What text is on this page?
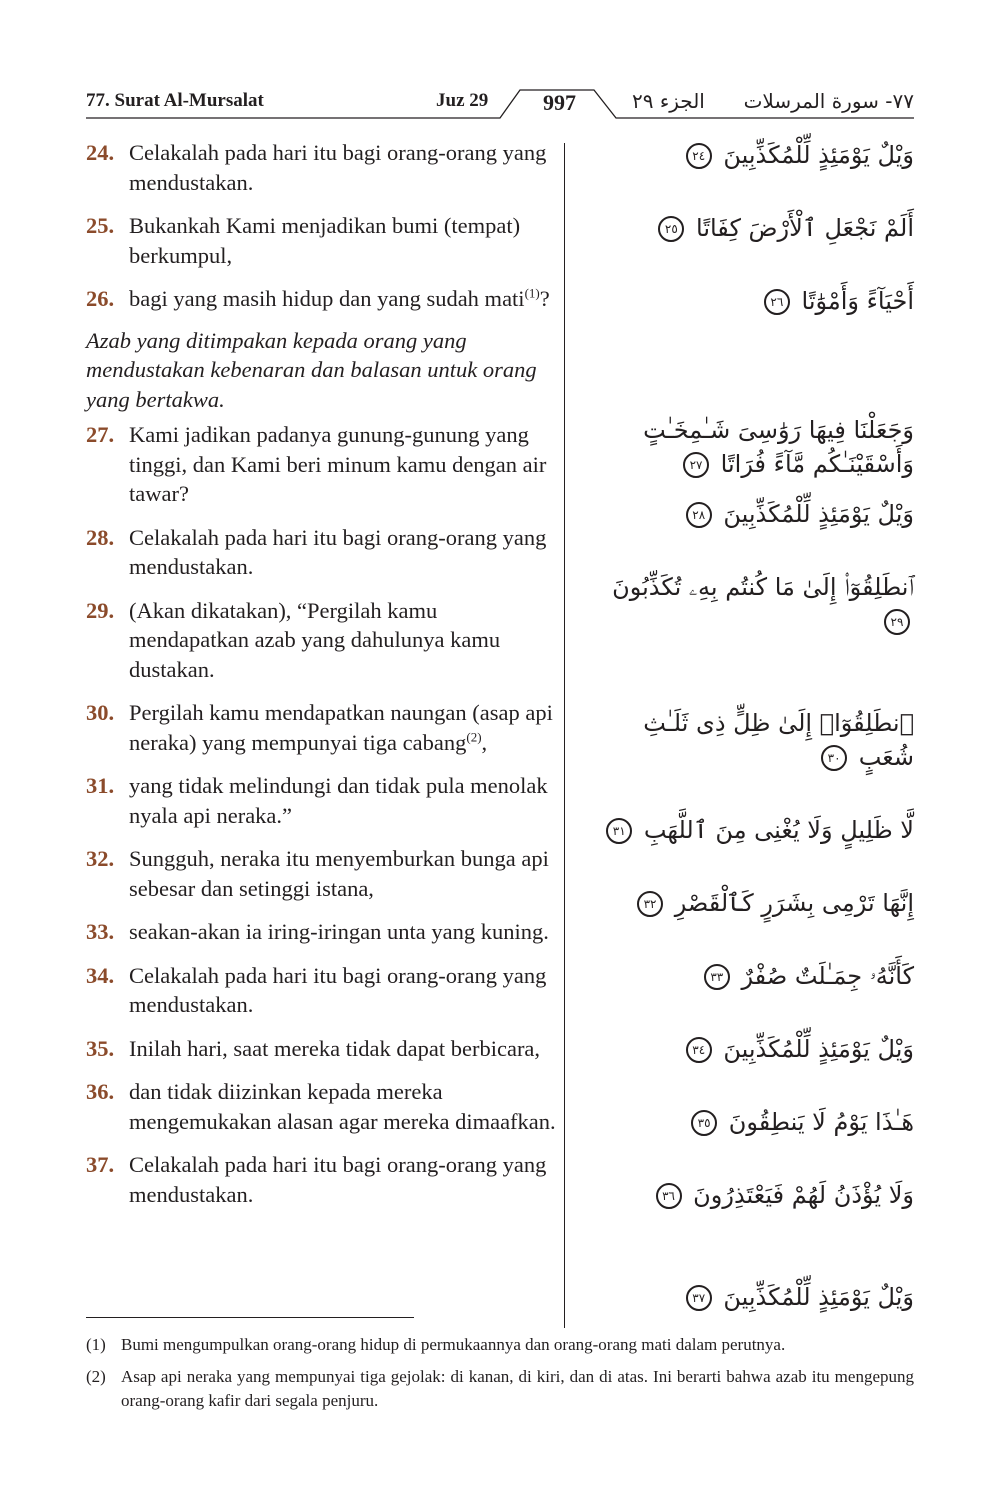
77. Surat Al-Mursalat	Juz 29 997	الجزء ٢٩ ٧٧- سورة المرسلات
24. Celakalah pada hari itu bagi orang-orang yang mendustakan.
25. Bukankah Kami menjadikan bumi (tempat) berkumpul,
26. bagi yang masih hidup dan yang sudah mati$^{(1)}$?
Azab yang ditimpakan kepada orang yang mendustakan kebenaran dan balasan untuk orang yang bertakwa.
27. Kami jadikan padanya gunung-gunung yang tinggi, dan Kami beri minum kamu dengan air tawar?
28. Celakalah pada hari itu bagi orang-orang yang mendustakan.
29. (Akan dikatakan), “Pergilah kamu mendapatkan azab yang dahulunya kamu dustakan.
30. Pergilah kamu mendapatkan naungan (asap api neraka) yang mempunyai tiga cabang$^{(2)}$,
31. yang tidak melindungi dan tidak pula menolak nyala api neraka.”
32. Sungguh, neraka itu menyemburkan bunga api sebesar dan setinggi istana,
33. seakan-akan ia iring-iringan unta yang kuning.
34. Celakalah pada hari itu bagi orang-orang yang mendustakan.
35. Inilah hari, saat mereka tidak dapat berbicara,
36. dan tidak diizinkan kepada mereka mengemukakan alasan agar mereka dimaafkan.
37. Celakalah pada hari itu bagi orang-orang yang mendustakan.
وَيْلٌ يَوْمَئِذٍ لِّلْمُكَذِّبِينَ ٢٤
أَلَمْ نَجْعَلِ ٱلْأَرْضَ كِفَاتًا ٢٥
أَحْيَآءً وَأَمْوَٰتًا ٢٦
وَجَعَلْنَا فِيهَا رَوَٰسِىَ شَـٰمِخَـٰتٍ وَأَسْقَيْنَـٰكُم مَّآءً فُرَاتًا ٢٧
وَيْلٌ يَوْمَئِذٍ لِّلْمُكَذِّبِينَ ٢٨
ٱنطَلِقُوٓا۟ إِلَىٰ مَا كُنتُم بِهِۦ تُكَذِّبُونَ ٢٩
ٱنطَلِقُوٓا۟ إِلَىٰ ظِلٍّ ذِى ثَلَـٰثِ شُعَبٍ ٣٠
لَّا ظَلِيلٍ وَلَا يُغْنِى مِنَ ٱللَّهَبِ ٣١
إِنَّهَا تَرْمِى بِشَرَرٍ كَٱلْقَصْرِ ٣٢
كَأَنَّهُۥ جِمَـٰلَتٌ صُفْرٌ ٣٣
وَيْلٌ يَوْمَئِذٍ لِّلْمُكَذِّبِينَ ٣٤
هَـٰذَا يَوْمُ لَا يَنطِقُونَ ٣٥
وَلَا يُؤْذَنُ لَهُمْ فَيَعْتَذِرُونَ ٣٦
وَيْلٌ يَوْمَئِذٍ لِّلْمُكَذِّبِينَ ٣٧
(1) Bumi mengumpulkan orang-orang hidup di permukaannya dan orang-orang mati dalam perutnya.
(2) Asap api neraka yang mempunyai tiga gejolak: di kanan, di kiri, dan di atas. Ini berarti bahwa azab itu mengepung orang-orang kafir dari segala penjuru.
